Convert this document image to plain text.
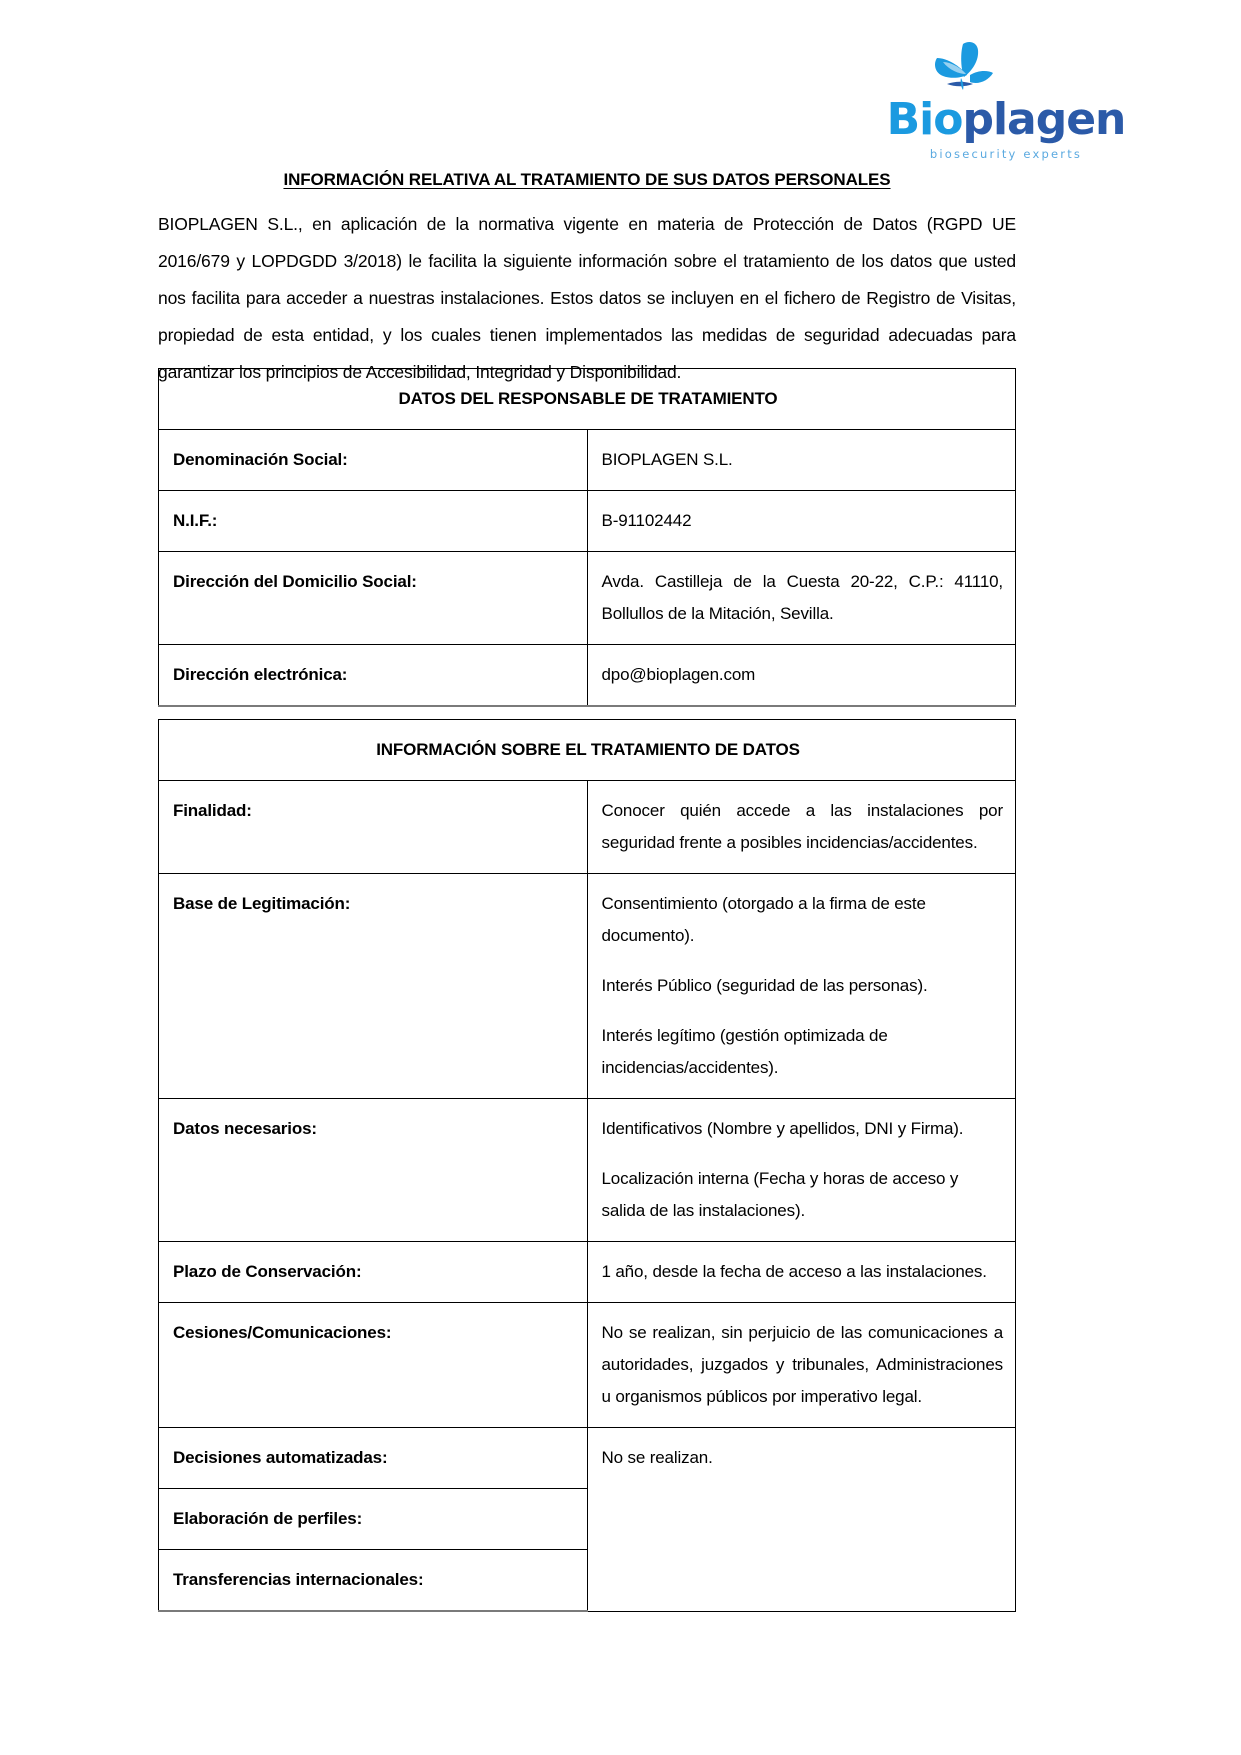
Bioplagen
biosecurity experts
INFORMACIÓN RELATIVA AL TRATAMIENTO DE SUS DATOS PERSONALES
BIOPLAGEN S.L., en aplicación de la normativa vigente en materia de Protección de Datos (RGPD UE 2016/679 y LOPDGDD 3/2018) le facilita la siguiente información sobre el tratamiento de los datos que usted nos facilita para acceder a nuestras instalaciones. Estos datos se incluyen en el fichero de Registro de Visitas, propiedad de esta entidad, y los cuales tienen implementados las medidas de seguridad adecuadas para garantizar los principios de Accesibilidad, Integridad y Disponibilidad.
DATOS DEL RESPONSABLE DE TRATAMIENTO	
Denominación Social:	BIOPLAGEN S.L.
N.I.F.:	B-91102442
Dirección del Domicilio Social:	Avda. Castilleja de la Cuesta 20-22, C.P.: 41110, Bollullos de la Mitación, Sevilla.
Dirección electrónica:	dpo@bioplagen.com
INFORMACIÓN SOBRE EL TRATAMIENTO DE DATOS	
Finalidad:	Conocer quién accede a las instalaciones por seguridad frente a posibles incidencias/accidentes.
Base de Legitimación:	Consentimiento (otorgado a la firma de este documento).
Interés Público (seguridad de las personas).
Interés legítimo (gestión optimizada de incidencias/accidentes).

Datos necesarios:	Identificativos (Nombre y apellidos, DNI y Firma).
Localización interna (Fecha y horas de acceso y salida de las instalaciones).

Plazo de Conservación:	1 año, desde la fecha de acceso a las instalaciones.
Cesiones/Comunicaciones:	No se realizan, sin perjuicio de las comunicaciones a autoridades, juzgados y tribunales, Administraciones u organismos públicos por imperativo legal.
Decisiones automatizadas:	No se realizan.
Elaboración de perfiles:	
Transferencias internacionales:	
